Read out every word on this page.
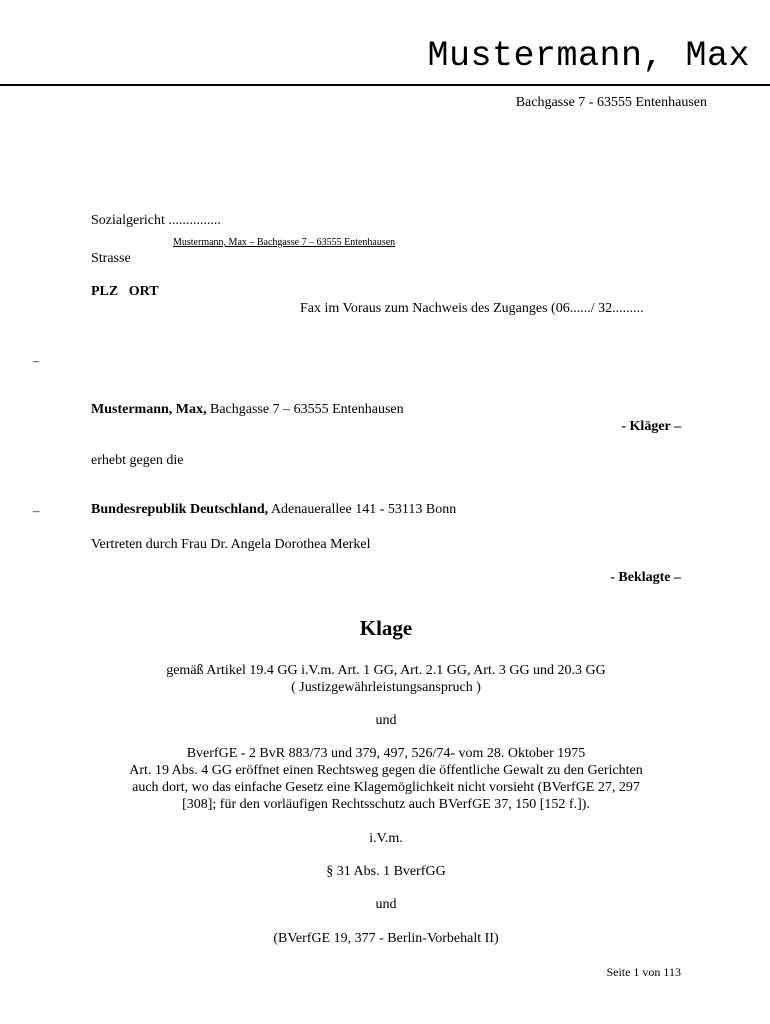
Mustermann, Max
Bachgasse 7 - 63555 Entenhausen
Sozialgericht ...............
Mustermann, Max – Bachgasse 7 – 63555 Entenhausen
Strasse
PLZ ORT
Fax im Voraus zum Nachweis des Zuganges (06....../ 32.........
–
–
Mustermann, Max, Bachgasse 7 – 63555 Entenhausen
- Kläger –
erhebt gegen die
Bundesrepublik Deutschland, Adenauerallee 141 - 53113 Bonn
Vertreten durch Frau Dr. Angela Dorothea Merkel
- Beklagte –
Klage
gemäß Artikel 19.4 GG i.V.m. Art. 1 GG, Art. 2.1 GG, Art. 3 GG und 20.3 GG
( Justizgewährleistungsanspruch )
und
BverfGE - 2 BvR 883/73 und 379, 497, 526/74- vom 28. Oktober 1975
Art. 19 Abs. 4 GG eröffnet einen Rechtsweg gegen die öffentliche Gewalt zu den Gerichten
auch dort, wo das einfache Gesetz eine Klagemöglichkeit nicht vorsieht (BVerfGE 27, 297
[308]; für den vorläufigen Rechtsschutz auch BVerfGE 37, 150 [152 f.]).
i.V.m.
§ 31 Abs. 1 BverfGG
und
(BVerfGE 19, 377 - Berlin-Vorbehalt II)
Seite 1 von 113
